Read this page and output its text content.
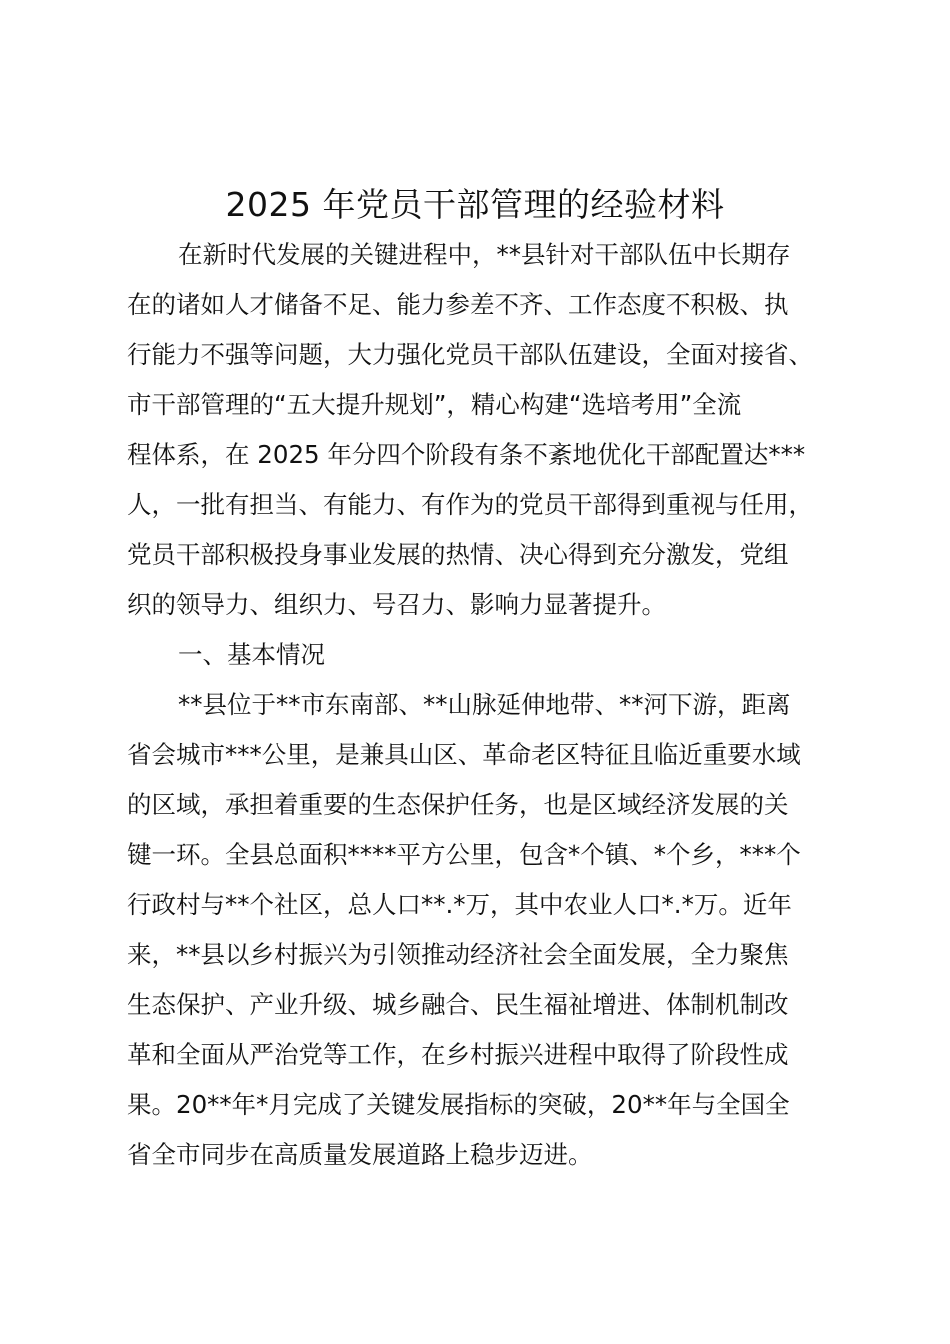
2025 年党员干部管理的经验材料
在新时代发展的关键进程中，**县针对干部队伍中长期存
在的诸如人才储备不足、能力参差不齐、工作态度不积极、执
行能力不强等问题，大力强化党员干部队伍建设，全面对接省、
市干部管理的“五大提升规划”，精心构建“选培考用”全流
程体系，在 2025 年分四个阶段有条不紊地优化干部配置达***
人，一批有担当、有能力、有作为的党员干部得到重视与任用，
党员干部积极投身事业发展的热情、决心得到充分激发，党组
织的领导力、组织力、号召力、影响力显著提升。
一、基本情况
**县位于**市东南部、**山脉延伸地带、**河下游，距离
省会城市***公里，是兼具山区、革命老区特征且临近重要水域
的区域，承担着重要的生态保护任务，也是区域经济发展的关
键一环。全县总面积****平方公里，包含*个镇、*个乡，***个
行政村与**个社区，总人口**.*万，其中农业人口*.*万。近年
来，**县以乡村振兴为引领推动经济社会全面发展，全力聚焦
生态保护、产业升级、城乡融合、民生福祉增进、体制机制改
革和全面从严治党等工作，在乡村振兴进程中取得了阶段性成
果。20**年*月完成了关键发展指标的突破，20**年与全国全
省全市同步在高质量发展道路上稳步迈进。
